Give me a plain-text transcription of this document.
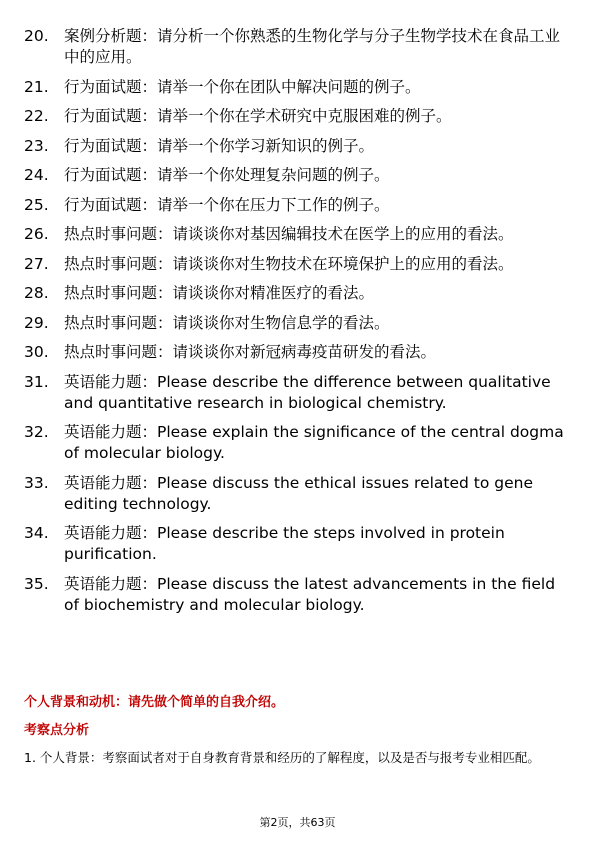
20. 案例分析题：请分析一个你熟悉的生物化学与分子生物学技术在食品工业中的应用。
21. 行为面试题：请举一个你在团队中解决问题的例子。
22. 行为面试题：请举一个你在学术研究中克服困难的例子。
23. 行为面试题：请举一个你学习新知识的例子。
24. 行为面试题：请举一个你处理复杂问题的例子。
25. 行为面试题：请举一个你在压力下工作的例子。
26. 热点时事问题：请谈谈你对基因编辑技术在医学上的应用的看法。
27. 热点时事问题：请谈谈你对生物技术在环境保护上的应用的看法。
28. 热点时事问题：请谈谈你对精准医疗的看法。
29. 热点时事问题：请谈谈你对生物信息学的看法。
30. 热点时事问题：请谈谈你对新冠病毒疫苗研发的看法。
31. 英语能力题：Please describe the difference between qualitative and quantitative research in biological chemistry.
32. 英语能力题：Please explain the significance of the central dogma of molecular biology.
33. 英语能力题：Please discuss the ethical issues related to gene editing technology.
34. 英语能力题：Please describe the steps involved in protein purification.
35. 英语能力题：Please discuss the latest advancements in the field of biochemistry and molecular biology.
个人背景和动机：请先做个简单的自我介绍。
考察点分析
1. 个人背景：考察面试者对于自身教育背景和经历的了解程度，以及是否与报考专业相匹配。
第2页，共63页
